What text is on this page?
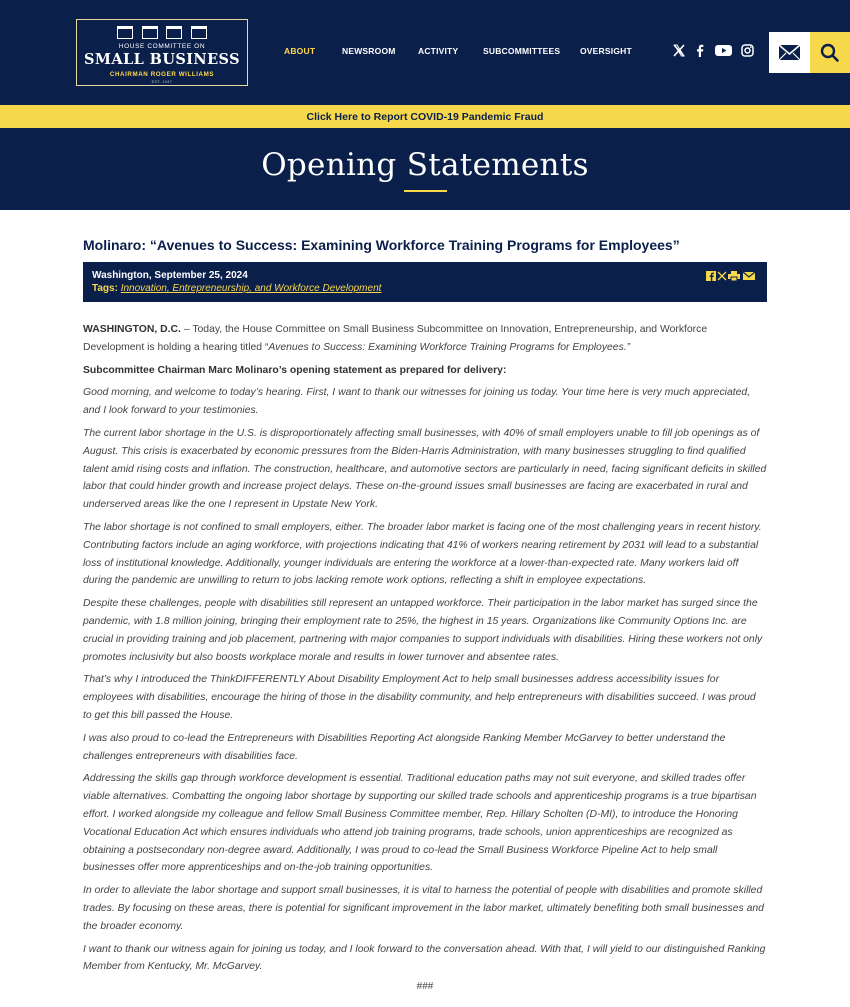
HOUSE COMMITTEE ON
SMALL BUSINESS
CHAIRMAN ROGER WILLIAMS
EST. 1947
ABOUT	NEWSROOM	ACTIVITY	SUBCOMMITTEES OVERSIGHT
Click Here to Report COVID-19 Pandemic Fraud
Opening Statements
Molinaro: “Avenues to Success: Examining Workforce Training Programs for Employees”
Washington, September 25, 2024
Tags: Innovation, Entrepreneurship, and Workforce Development

WASHINGTON, D.C. – Today, the House Committee on Small Business Subcommittee on Innovation, Entrepreneurship, and Workforce Development is holding a hearing titled “Avenues to Success: Examining Workforce Training Programs for Employees.”

Subcommittee Chairman Marc Molinaro’s opening statement as prepared for delivery:

Good morning, and welcome to today’s hearing. First, I want to thank our witnesses for joining us today. Your time here is very much appreciated, and I look forward to your testimonies.

The current labor shortage in the U.S. is disproportionately affecting small businesses, with 40% of small employers unable to fill job openings as of August. This crisis is exacerbated by economic pressures from the Biden-Harris Administration, with many businesses struggling to find qualified talent amid rising costs and inflation. The construction, healthcare, and automotive sectors are particularly in need, facing significant deficits in skilled labor that could hinder growth and increase project delays. These on-the-ground issues small businesses are facing are exacerbated in rural and underserved areas like the one I represent in Upstate New York.

The labor shortage is not confined to small employers, either. The broader labor market is facing one of the most challenging years in recent history. Contributing factors include an aging workforce, with projections indicating that 41% of workers nearing retirement by 2031 will lead to a substantial loss of institutional knowledge. Additionally, younger individuals are entering the workforce at a lower-than-expected rate. Many workers laid off during the pandemic are unwilling to return to jobs lacking remote work options, reflecting a shift in employee expectations.

Despite these challenges, people with disabilities still represent an untapped workforce. Their participation in the labor market has surged since the pandemic, with 1.8 million joining, bringing their employment rate to 25%, the highest in 15 years. Organizations like Community Options Inc. are crucial in providing training and job placement, partnering with major companies to support individuals with disabilities. Hiring these workers not only promotes inclusivity but also boosts workplace morale and results in lower turnover and absentee rates.

That’s why I introduced the ThinkDIFFERENTLY About Disability Employment Act to help small businesses address accessibility issues for employees with disabilities, encourage the hiring of those in the disability community, and help entrepreneurs with disabilities succeed. I was proud to get this bill passed the House.

I was also proud to co-lead the Entrepreneurs with Disabilities Reporting Act alongside Ranking Member McGarvey to better understand the challenges entrepreneurs with disabilities face.

Addressing the skills gap through workforce development is essential. Traditional education paths may not suit everyone, and skilled trades offer viable alternatives. Combatting the ongoing labor shortage by supporting our skilled trade schools and apprenticeship programs is a true bipartisan effort. I worked alongside my colleague and fellow Small Business Committee member, Rep. Hillary Scholten (D-MI), to introduce the Honoring Vocational Education Act which ensures individuals who attend job training programs, trade schools, union apprenticeships are recognized as obtaining a postsecondary non-degree award. Additionally, I was proud to co-lead the Small Business Workforce Pipeline Act to help small businesses offer more apprenticeships and on-the-job training opportunities.

In order to alleviate the labor shortage and support small businesses, it is vital to harness the potential of people with disabilities and promote skilled trades. By focusing on these areas, there is potential for significant improvement in the labor market, ultimately benefiting both small businesses and the broader economy.

I want to thank our witness again for joining us today, and I look forward to the conversation ahead. With that, I will yield to our distinguished Ranking Member from Kentucky, Mr. McGarvey.

###
